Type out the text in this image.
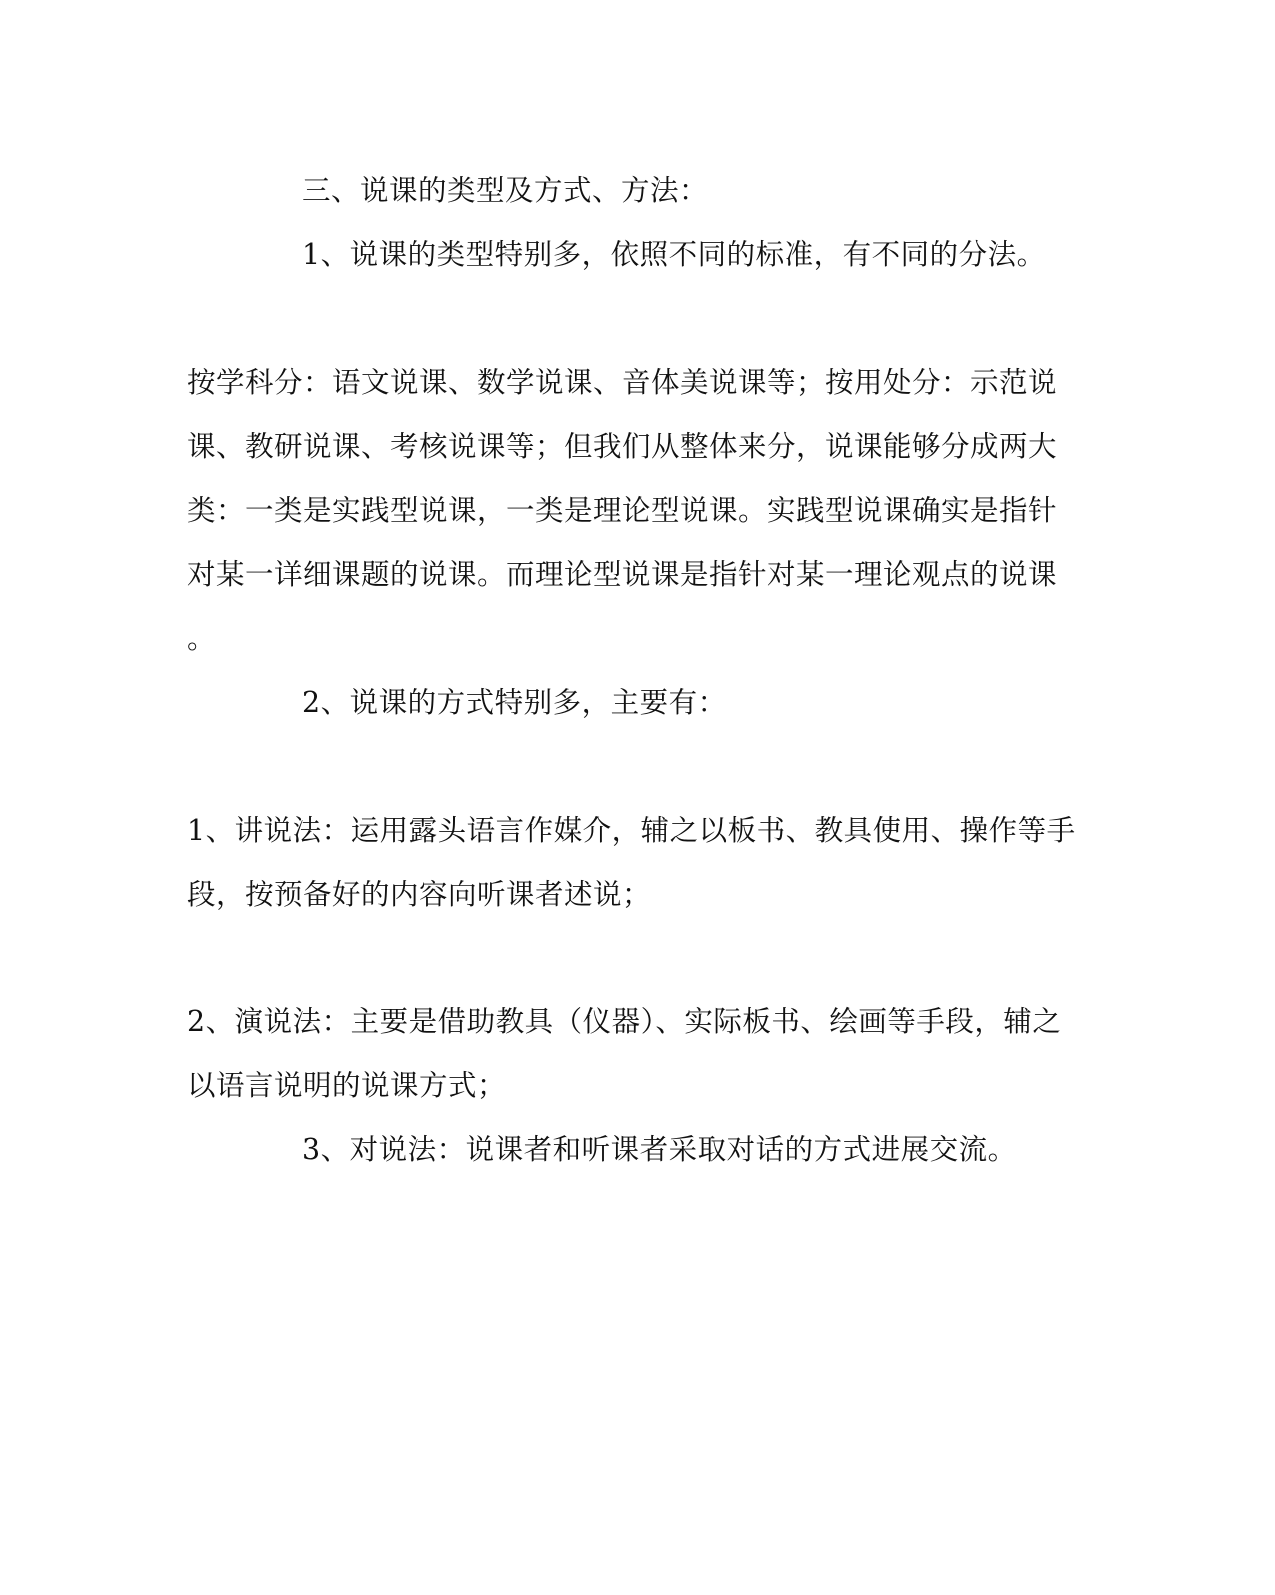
三、说课的类型及方式、方法：
1、说课的类型特别多，依照不同的标准，有不同的分法。
按学科分：语文说课、数学说课、音体美说课等；按用处分：示范说
课、教研说课、考核说课等；但我们从整体来分，说课能够分成两大
类：一类是实践型说课，一类是理论型说课。实践型说课确实是指针
对某一详细课题的说课。而理论型说课是指针对某一理论观点的说课
。
2、说课的方式特别多，主要有：
1、讲说法：运用露头语言作媒介，辅之以板书、教具使用、操作等手
段，按预备好的内容向听课者述说；
2、演说法：主要是借助教具（仪器）、实际板书、绘画等手段，辅之
以语言说明的说课方式；
3、对说法：说课者和听课者采取对话的方式进展交流。
